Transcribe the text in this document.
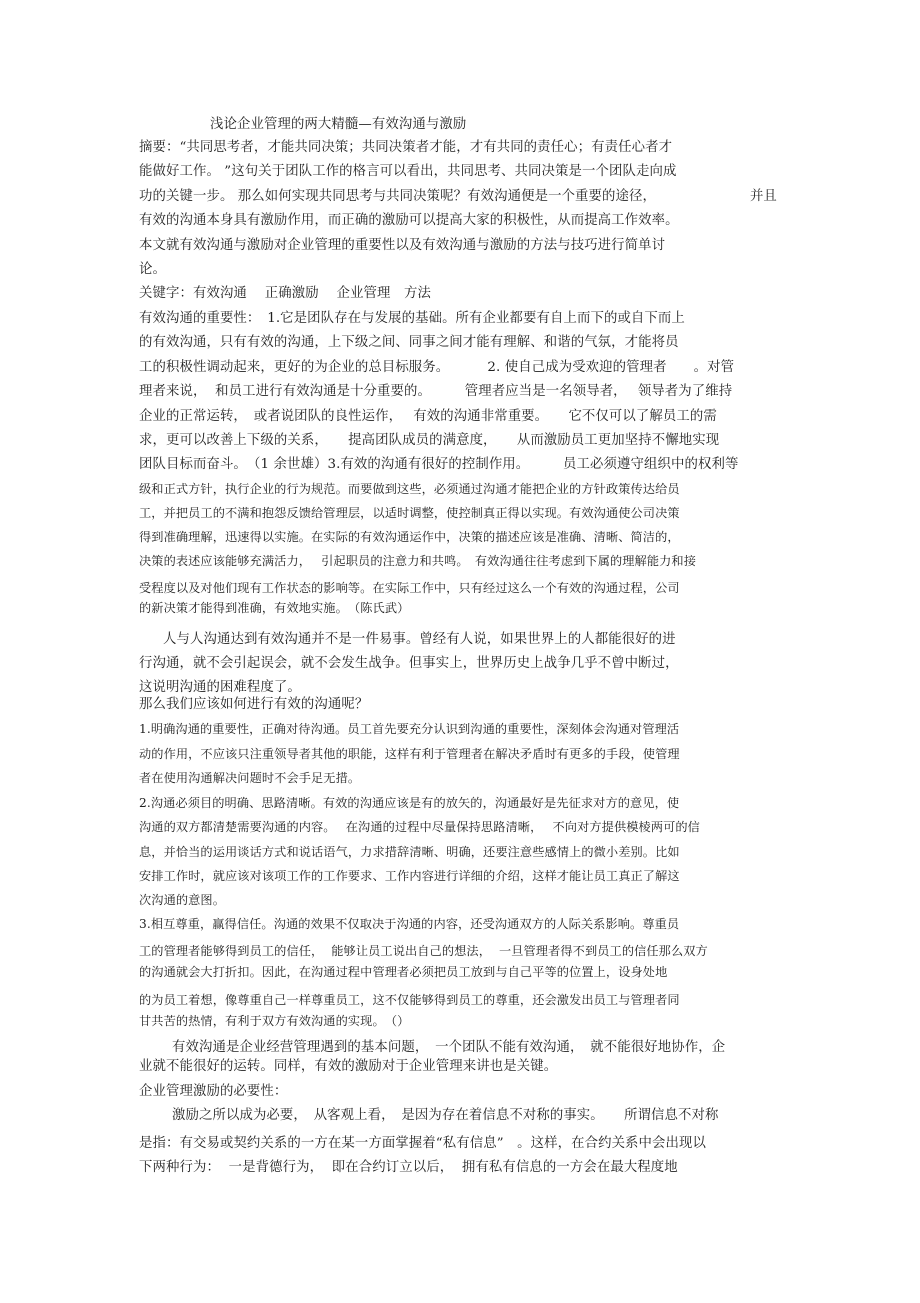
浅论企业管理的两大精髓—有效沟通与激励
摘要：“共同思考者，才能共同决策；共同决策者才能，才有共同的责任心；有责任心者才
能做好工作。 ”这句关于团队工作的格言可以看出，共同思考、共同决策是一个团队走向成
功的关键一步。 那么如何实现共同思考与共同决策呢？有效沟通便是一个重要的途径，	并且
有效的沟通本身具有激励作用，而正确的激励可以提高大家的积极性，从而提高工作效率。
本文就有效沟通与激励对企业管理的重要性以及有效沟通与激励的方法与技巧进行简单讨
论。
关键字：有效沟通　 正确激励　 企业管理　方法
有效沟通的重要性：　1.它是团队存在与发展的基础。所有企业都要有自上而下的或自下而上
的有效沟通，只有有效的沟通，上下级之间、同事之间才能有理解、和谐的气氛，才能将员
工的积极性调动起来，更好的为企业的总目标服务。　　　 2. 使自己成为受欢迎的管理者　　。对管
理者来说，  和员工进行有效沟通是十分重要的。　　　管理者应当是一名领导者，　 领导者为了维持
企业的正常运转，　或者说团队的良性运作，　 有效的沟通非常重要。　　它不仅可以了解员工的需
求，更可以改善上下级的关系，　　提高团队成员的满意度，　　从而激励员工更加坚持不懈地实现
团队目标而奋斗。　（1 余世雄）3.有效的沟通有很好的控制作用。　　　员工必须遵守组织中的权利等
级和正式方针，执行企业的行为规范。而要做到这些，必须通过沟通才能把企业的方针政策传达给员
工，并把员工的不满和抱怨反馈给管理层，以适时调整，使控制真正得以实现。有效沟通使公司决策
得到准确理解，迅速得以实施。在实际的有效沟通运作中，决策的描述应该是准确、清晰、简洁的，
决策的表述应该能够充满活力，　 引起职员的注意力和共鸣。　有效沟通往往考虑到下属的理解能力和接
受程度以及对他们现有工作状态的影响等。在实际工作中，只有经过这么一个有效的沟通过程，公司
的新决策才能得到准确，有效地实施。　（陈氏武）
人与人沟通达到有效沟通并不是一件易事。曾经有人说，如果世界上的人都能很好的进
行沟通，就不会引起误会，就不会发生战争。但事实上，世界历史上战争几乎不曾中断过，
这说明沟通的困难程度了。
那么我们应该如何进行有效的沟通呢？
1.明确沟通的重要性，正确对待沟通。员工首先要充分认识到沟通的重要性，深刻体会沟通对管理活
动的作用，不应该只注重领导者其他的职能，这样有利于管理者在解决矛盾时有更多的手段，使管理
者在使用沟通解决问题时不会手足无措。
2.沟通必须目的明确、思路清晰。有效的沟通应该是有的放矢的，沟通最好是先征求对方的意见，使
沟通的双方都清楚需要沟通的内容。　 在沟通的过程中尽量保持思路清晰，　 不向对方提供模棱两可的信
息，并恰当的运用谈话方式和说话语气，力求措辞清晰、明确，还要注意些感情上的微小差别。比如
安排工作时，就应该对该项工作的工作要求、工作内容进行详细的介绍，这样才能让员工真正了解这
次沟通的意图。
3.相互尊重，赢得信任。沟通的效果不仅取决于沟通的内容，还受沟通双方的人际关系影响。尊重员
工的管理者能够得到员工的信任，  能够让员工说出自己的想法，  一旦管理者得不到员工的信任那么双方
的沟通就会大打折扣。因此，在沟通过程中管理者必须把员工放到与自己平等的位置上，设身处地
的为员工着想，像尊重自己一样尊重员工，这不仅能够得到员工的尊重，还会激发出员工与管理者同
甘共苦的热情，有利于双方有效沟通的实现。　（）
有效沟通是企业经营管理遇到的基本问题，　一个团队不能有效沟通，　就不能很好地协作，企
业就不能很好的运转。同样，有效的激励对于企业管理来讲也是关键。
企业管理激励的必要性：
激励之所以成为必要，　从客观上看，　是因为存在着信息不对称的事实。　　所谓信息不对称
是指：有交易或契约关系的一方在某一方面掌握着“私有信息”　。这样，在合约关系中会出现以
下两种行为：  一是背德行为，  即在合约订立以后，  拥有私有信息的一方会在最大程度地
